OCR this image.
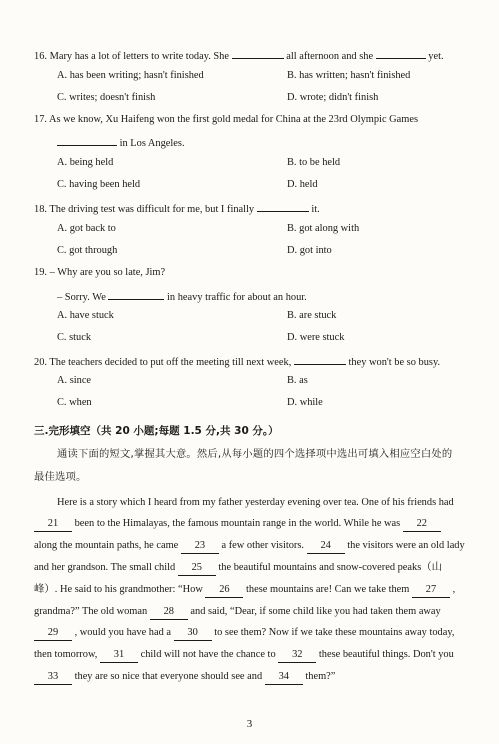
16. Mary has a lot of letters to write today. She	all afternoon and she	yet.
A. has been writing; hasn't finished	B. has written; hasn't finished
C. writes; doesn't finish	D. wrote; didn't finish
17. As we know, Xu Haifeng won the first gold medal for China at the 23rd Olympic Games
in Los Angeles.
A. being held	B. to be held
C. having been held	D. held
18. The driving test was difficult for me, but I finally	it.
A. got back to	B. got along with
C. got through	D. got into
19. – Why are you so late, Jim?
– Sorry. We	in heavy traffic for about an hour.
A. have stuck	B. are stuck
C. stuck	D. were stuck
20. The teachers decided to put off the meeting till next week,	they won't be so busy.
A. since	B. as
C. when	D. while
三.完形填空（共 20 小题;每题 1.5 分,共 30 分。）
通读下面的短文,掌握其大意。然后,从每小题的四个选择项中选出可填入相应空白处的
最佳选项。
Here is a story which I heard from my father yesterday evening over tea. One of his friends had
21 been to the Himalayas, the famous mountain range in the world. While he was 22
along the mountain paths, he came 23 a few other visitors. 24 the visitors were an old lady
and her grandson. The small child 25 the beautiful mountains and snow-covered peaks（山
峰）. He said to his grandmother: “How 26 these mountains are! Can we take them 27 ,
grandma?” The old woman 28 and said, “Dear, if some child like you had taken them away
29 , would you have had a 30 to see them? Now if we take these mountains away today,
then tomorrow, 31 child will not have the chance to 32 these beautiful things. Don't you
33 they are so nice that everyone should see and 34 them?”
3
